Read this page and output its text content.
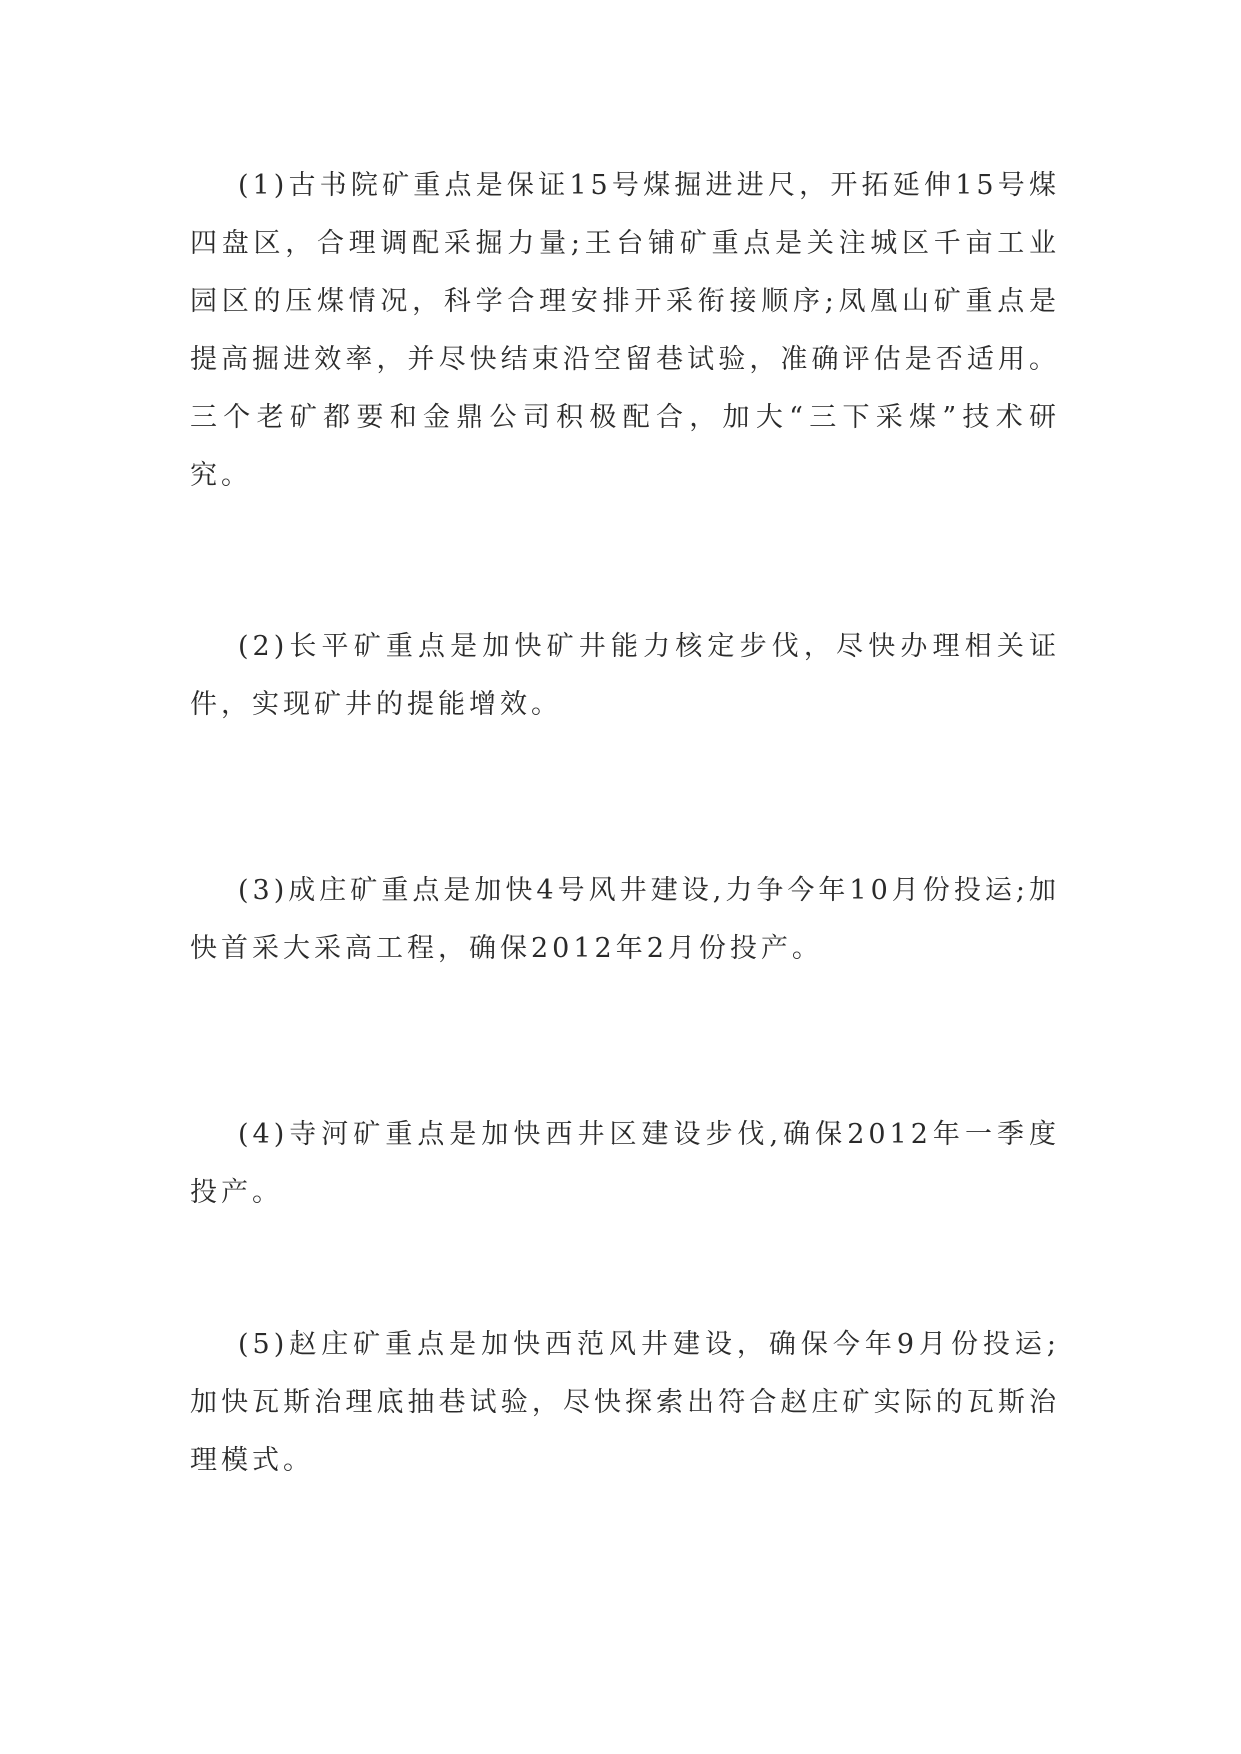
(1)古书院矿重点是保证15号煤掘进进尺，开拓延伸15号煤四盘区，合理调配采掘力量;王台铺矿重点是关注城区千亩工业园区的压煤情况，科学合理安排开采衔接顺序;凤凰山矿重点是提高掘进效率，并尽快结束沿空留巷试验，准确评估是否适用。三个老矿都要和金鼎公司积极配合，加大“三下采煤”技术研究。

(2)长平矿重点是加快矿井能力核定步伐，尽快办理相关证件，实现矿井的提能增效。

(3)成庄矿重点是加快4号风井建设,力争今年10月份投运;加快首采大采高工程，确保2012年2月份投产。

(4)寺河矿重点是加快西井区建设步伐,确保2012年一季度投产。

(5)赵庄矿重点是加快西范风井建设，确保今年9月份投运;加快瓦斯治理底抽巷试验，尽快探索出符合赵庄矿实际的瓦斯治理模式。
